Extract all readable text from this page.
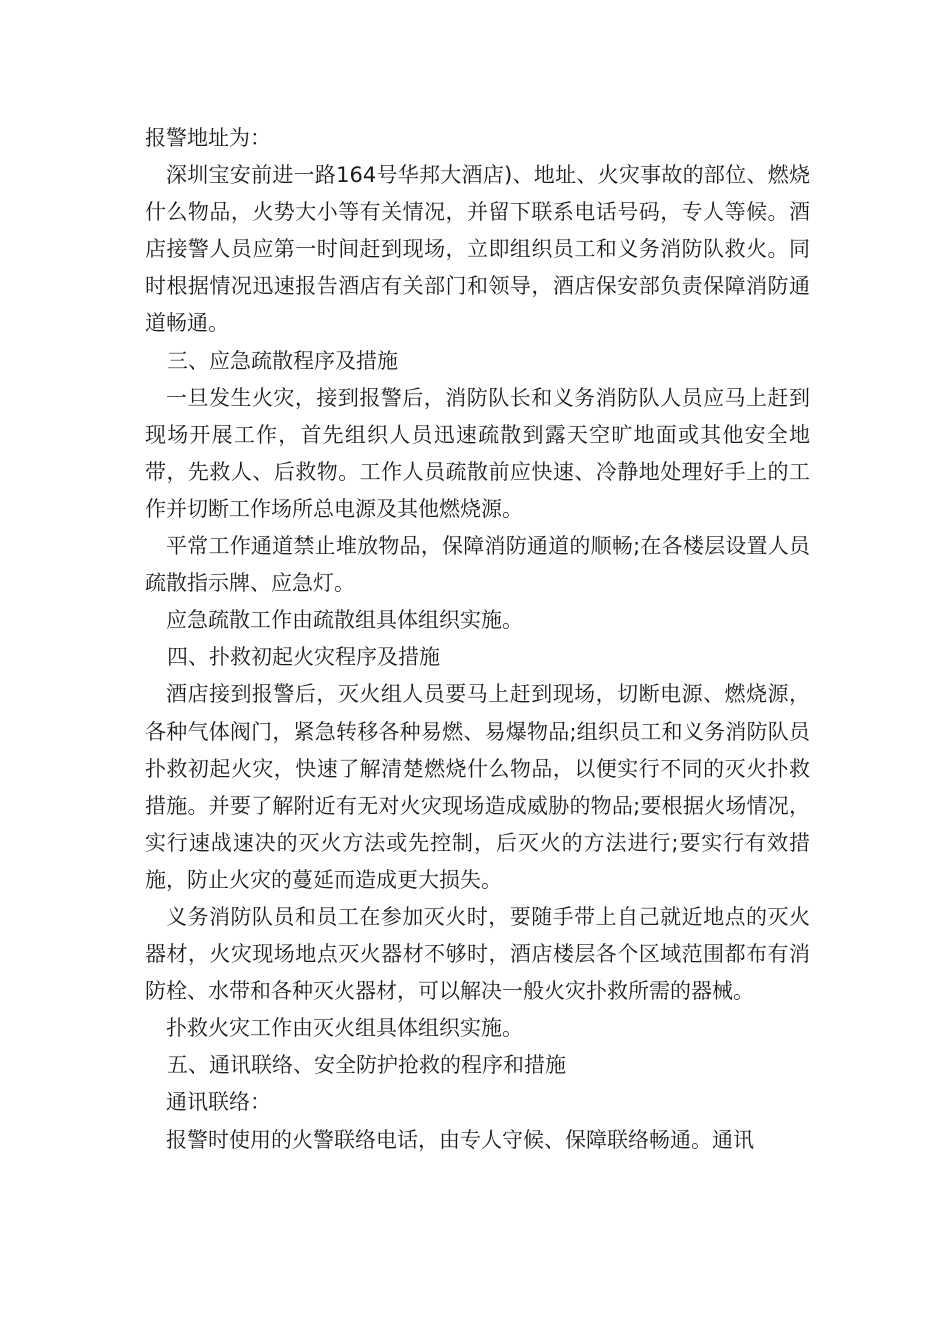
报警地址为：

深圳宝安前进一路164号华邦大酒店)、地址、火灾事故的部位、燃烧什么物品，火势大小等有关情况，并留下联系电话号码，专人等候。酒店接警人员应第一时间赶到现场，立即组织员工和义务消防队救火。同时根据情况迅速报告酒店有关部门和领导，酒店保安部负责保障消防通道畅通。

三、应急疏散程序及措施

一旦发生火灾，接到报警后，消防队长和义务消防队人员应马上赶到现场开展工作，首先组织人员迅速疏散到露天空旷地面或其他安全地带，先救人、后救物。工作人员疏散前应快速、冷静地处理好手上的工作并切断工作场所总电源及其他燃烧源。

平常工作通道禁止堆放物品，保障消防通道的顺畅;在各楼层设置人员疏散指示牌、应急灯。

应急疏散工作由疏散组具体组织实施。

四、扑救初起火灾程序及措施

酒店接到报警后，灭火组人员要马上赶到现场，切断电源、燃烧源，各种气体阀门，紧急转移各种易燃、易爆物品;组织员工和义务消防队员扑救初起火灾，快速了解清楚燃烧什么物品，以便实行不同的灭火扑救措施。并要了解附近有无对火灾现场造成威胁的物品;要根据火场情况，实行速战速决的灭火方法或先控制，后灭火的方法进行;要实行有效措施，防止火灾的蔓延而造成更大损失。

义务消防队员和员工在参加灭火时，要随手带上自己就近地点的灭火器材，火灾现场地点灭火器材不够时，酒店楼层各个区域范围都布有消防栓、水带和各种灭火器材，可以解决一般火灾扑救所需的器械。

扑救火灾工作由灭火组具体组织实施。

五、通讯联络、安全防护抢救的程序和措施

通讯联络：

报警时使用的火警联络电话，由专人守候、保障联络畅通。通讯
